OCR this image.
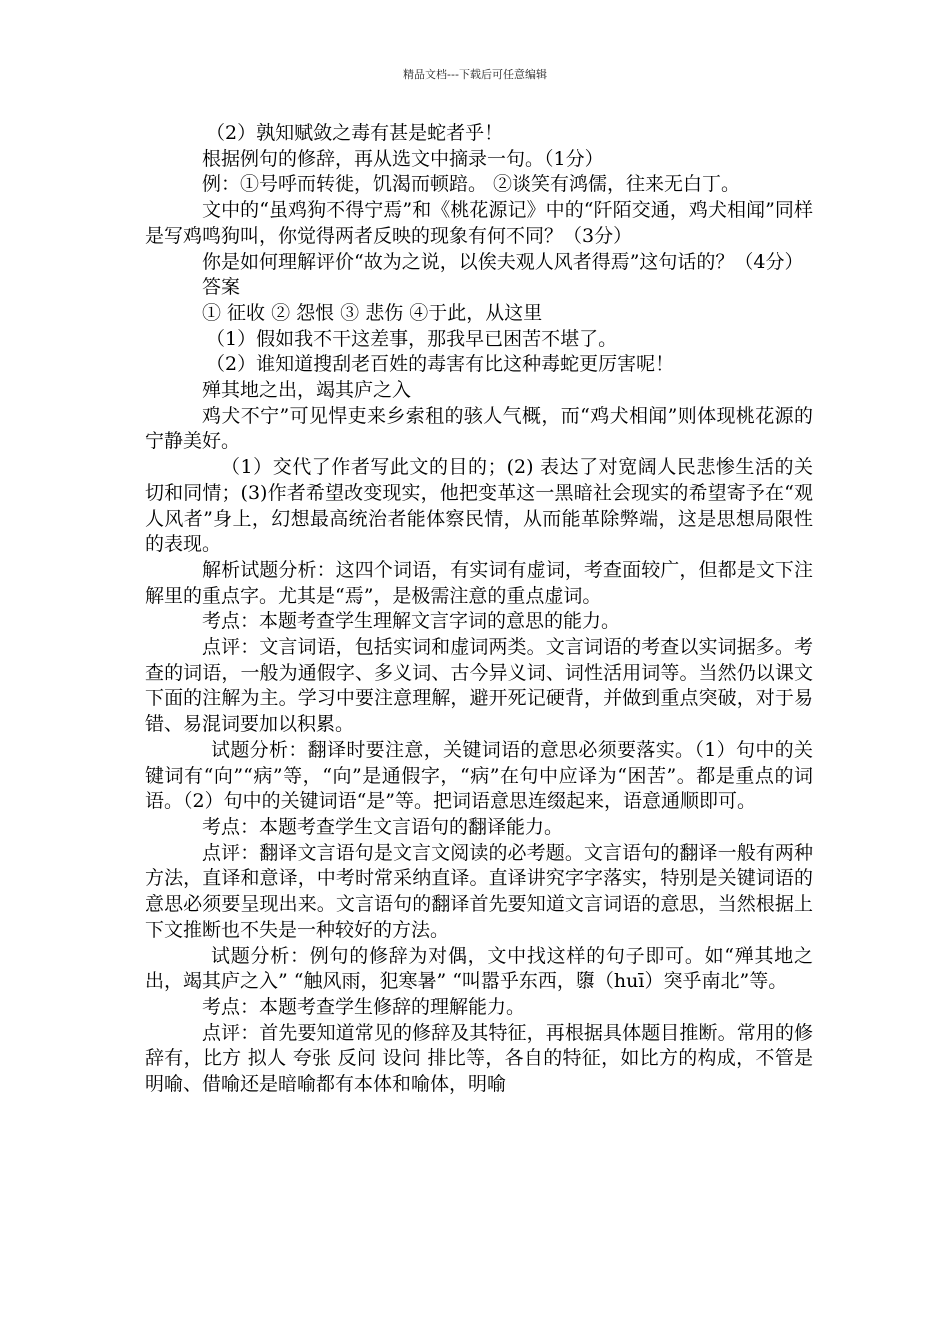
精品文档---下载后可任意编辑

（2）孰知赋敛之毒有甚是蛇者乎！

根据例句的修辞，再从选文中摘录一句。（1分）

例：①号呼而转徙，饥渴而顿踣。 ②谈笑有鸿儒，往来无白丁。

文中的“虽鸡狗不得宁焉”和《桃花源记》中的“阡陌交通，鸡犬相闻”同样是写鸡鸣狗叫，你觉得两者反映的现象有何不同？（3分）

你是如何理解评价“故为之说，以俟夫观人风者得焉”这句话的？（4分）

答案

① 征收 ② 怨恨 ③ 悲伤 ④于此，从这里

（1）假如我不干这差事，那我早已困苦不堪了。

（2）谁知道搜刮老百姓的毒害有比这种毒蛇更厉害呢！

殚其地之出，竭其庐之入

鸡犬不宁”可见悍吏来乡索租的骇人气概，而“鸡犬相闻”则体现桃花源的宁静美好。

（1）交代了作者写此文的目的；(2) 表达了对宽阔人民悲惨生活的关切和同情；(3)作者希望改变现实，他把变革这一黑暗社会现实的希望寄予在“观人风者”身上，幻想最高统治者能体察民情，从而能革除弊端，这是思想局限性的表现。

解析试题分析：这四个词语，有实词有虚词，考查面较广，但都是文下注解里的重点字。尤其是“焉”，是极需注意的重点虚词。

考点：本题考查学生理解文言字词的意思的能力。

点评：文言词语，包括实词和虚词两类。文言词语的考查以实词据多。考查的词语，一般为通假字、多义词、古今异义词、词性活用词等。当然仍以课文下面的注解为主。学习中要注意理解，避开死记硬背，并做到重点突破，对于易错、易混词要加以积累。

试题分析：翻译时要注意，关键词语的意思必须要落实。（1）句中的关键词有“向”“病”等，“向”是通假字，“病”在句中应译为“困苦”。都是重点的词语。（2）句中的关键词语“是”等。把词语意思连缀起来，语意通顺即可。

考点：本题考查学生文言语句的翻译能力。

点评：翻译文言语句是文言文阅读的必考题。文言语句的翻译一般有两种方法，直译和意译，中考时常采纳直译。直译讲究字字落实，特别是关键词语的意思必须要呈现出来。文言语句的翻译首先要知道文言词语的意思，当然根据上下文推断也不失是一种较好的方法。

试题分析：例句的修辞为对偶，文中找这样的句子即可。如“殚其地之出，竭其庐之入” “触风雨，犯寒暑” “叫嚣乎东西，隳（huī）突乎南北”等。

考点：本题考查学生修辞的理解能力。

点评：首先要知道常见的修辞及其特征，再根据具体题目推断。常用的修辞有，比方 拟人 夸张 反问 设问 排比等，各自的特征，如比方的构成，不管是明喻、借喻还是暗喻都有本体和喻体，明喻
